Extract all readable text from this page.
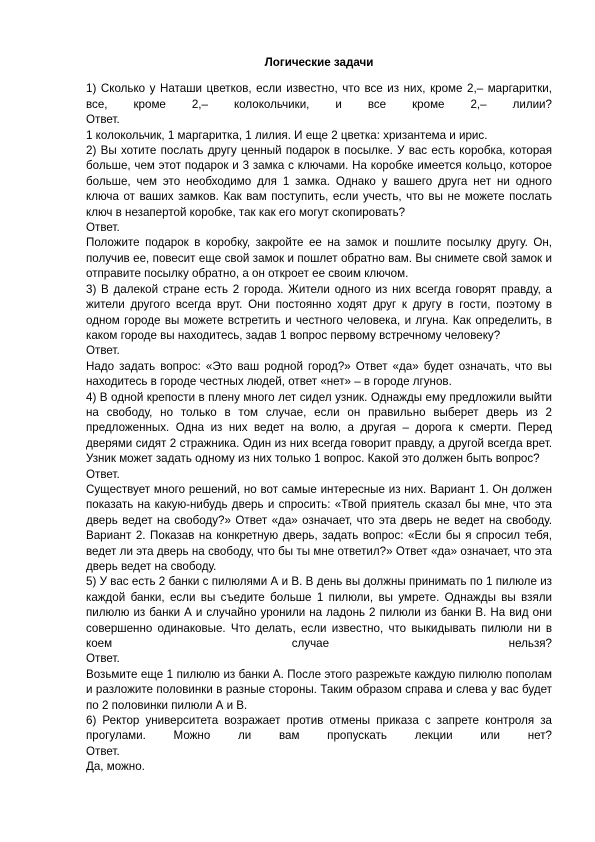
Логические задачи

1) Сколько у Наташи цветков, если известно, что все из них, кроме 2,– маргаритки, все, кроме 2,– колокольчики, и все кроме 2,– лилии?

Ответ.

1 колокольчик, 1 маргаритка, 1 лилия. И еще 2 цветка: хризантема и ирис.

2) Вы хотите послать другу ценный подарок в посылке. У вас есть коробка, которая больше, чем этот подарок и 3 замка с ключами. На коробке имеется кольцо, которое больше, чем это необходимо для 1 замка. Однако у вашего друга нет ни одного ключа от ваших замков. Как вам поступить, если учесть, что вы не можете послать ключ в незапертой коробке, так как его могут скопировать?

Ответ.

Положите подарок в коробку, закройте ее на замок и пошлите посылку другу. Он, получив ее, повесит еще свой замок и пошлет обратно вам. Вы снимете свой замок и отправите посылку обратно, а он откроет ее своим ключом.

3) В далекой стране есть 2 города. Жители одного из них всегда говорят правду, а жители другого всегда врут. Они постоянно ходят друг к другу в гости, поэтому в одном городе вы можете встретить и честного человека, и лгуна. Как определить, в каком городе вы находитесь, задав 1 вопрос первому встречному человеку?

Ответ.

Надо задать вопрос: «Это ваш родной город?» Ответ «да» будет означать, что вы находитесь в городе честных людей, ответ «нет» – в городе лгунов.

4) В одной крепости в плену много лет сидел узник. Однажды ему предложили выйти на свободу, но только в том случае, если он правильно выберет дверь из 2 предложенных. Одна из них ведет на волю, а другая – дорога к смерти. Перед дверями сидят 2 стражника. Один из них всегда говорит правду, а другой всегда врет. Узник может задать одному из них только 1 вопрос. Какой это должен быть вопрос?

Ответ.

Существует много решений, но вот самые интересные из них. Вариант 1. Он должен показать на какую-нибудь дверь и спросить: «Твой приятель сказал бы мне, что эта дверь ведет на свободу?» Ответ «да» означает, что эта дверь не ведет на свободу. Вариант 2. Показав на конкретную дверь, задать вопрос: «Если бы я спросил тебя, ведет ли эта дверь на свободу, что бы ты мне ответил?» Ответ «да» означает, что эта дверь ведет на свободу.

5) У вас есть 2 банки с пилюлями А и В. В день вы должны принимать по 1 пилюле из каждой банки, если вы съедите больше 1 пилюли, вы умрете. Однажды вы взяли пилюлю из банки А и случайно уронили на ладонь 2 пилюли из банки В. На вид они совершенно одинаковые. Что делать, если известно, что выкидывать пилюли ни в коем случае нельзя?

Ответ.

Возьмите еще 1 пилюлю из банки А. После этого разрежьте каждую пилюлю пополам и разложите половинки в разные стороны. Таким образом справа и слева у вас будет по 2 половинки пилюли А и В.

6) Ректор университета возражает против отмены приказа с запрете контроля за прогулами. Можно ли вам пропускать лекции или нет?

Ответ.

Да, можно.
